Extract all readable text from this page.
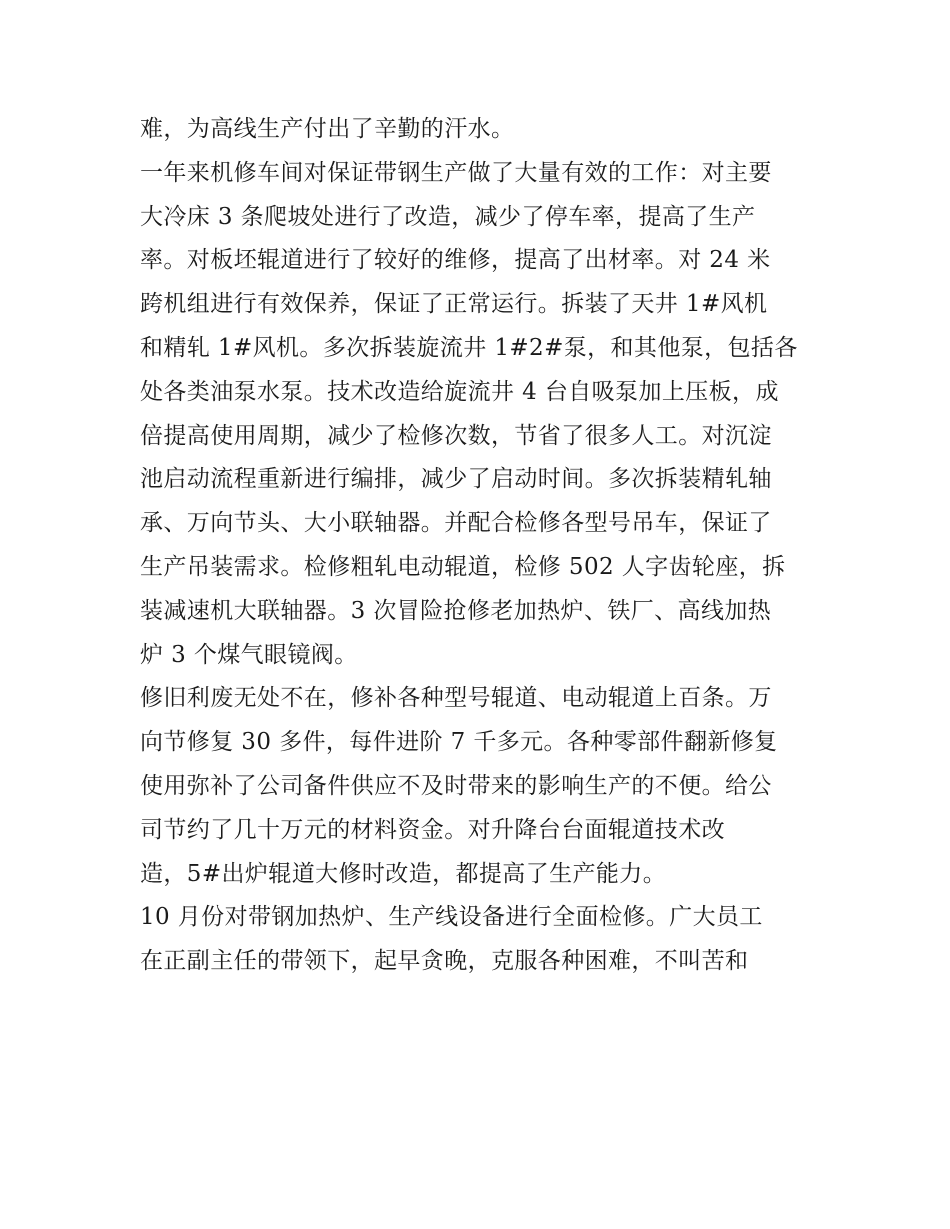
难，为高线生产付出了辛勤的汗水。
一年来机修车间对保证带钢生产做了大量有效的工作：对主要
大冷床 3 条爬坡处进行了改造，减少了停车率，提高了生产
率。对板坯辊道进行了较好的维修，提高了出材率。对 24 米
跨机组进行有效保养，保证了正常运行。拆装了天井 1#风机
和精轧 1#风机。多次拆装旋流井 1#2#泵，和其他泵，包括各
处各类油泵水泵。技术改造给旋流井 4 台自吸泵加上压板，成
倍提高使用周期，减少了检修次数，节省了很多人工。对沉淀
池启动流程重新进行编排，减少了启动时间。多次拆装精轧轴
承、万向节头、大小联轴器。并配合检修各型号吊车，保证了
生产吊装需求。检修粗轧电动辊道，检修 502 人字齿轮座，拆
装减速机大联轴器。3 次冒险抢修老加热炉、铁厂、高线加热
炉 3 个煤气眼镜阀。
修旧利废无处不在，修补各种型号辊道、电动辊道上百条。万
向节修复 30 多件，每件进阶 7 千多元。各种零部件翻新修复
使用弥补了公司备件供应不及时带来的影响生产的不便。给公
司节约了几十万元的材料资金。对升降台台面辊道技术改
造，5#出炉辊道大修时改造，都提高了生产能力。
10 月份对带钢加热炉、生产线设备进行全面检修。广大员工
在正副主任的带领下，起早贪晚，克服各种困难，不叫苦和
